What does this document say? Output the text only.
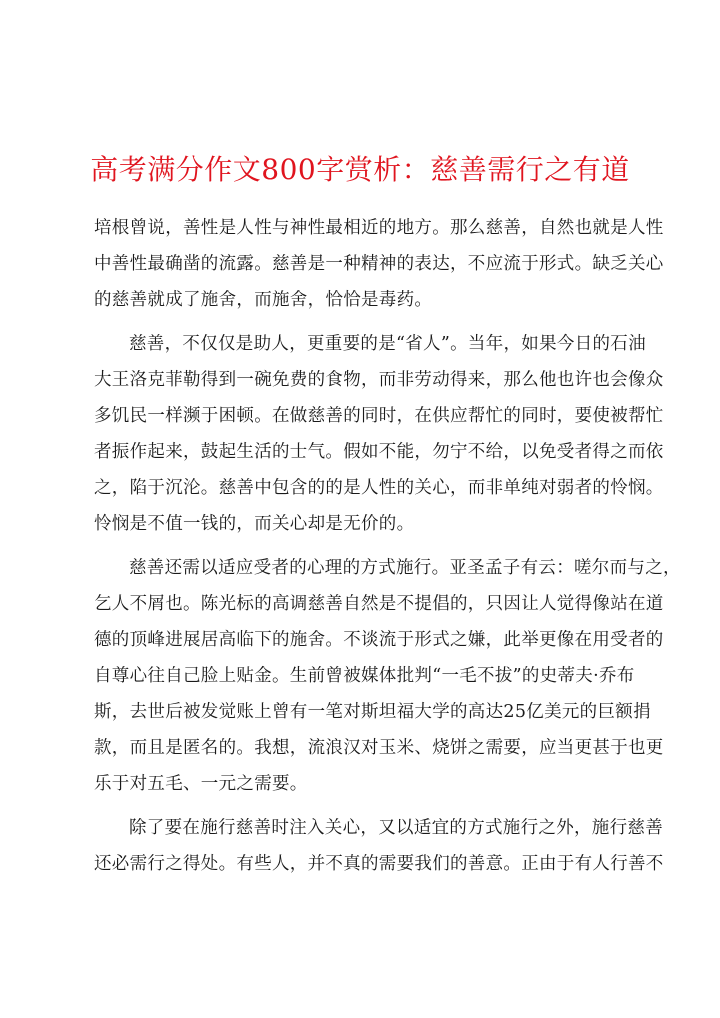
高考满分作文800字赏析：慈善需行之有道
培根曾说，善性是人性与神性最相近的地方。那么慈善，自然也就是人性
中善性最确凿的流露。慈善是一种精神的表达，不应流于形式。缺乏关心
的慈善就成了施舍，而施舍，恰恰是毒药。
慈善，不仅仅是助人，更重要的是“省人”。当年，如果今日的石油
大王洛克菲勒得到一碗免费的食物，而非劳动得来，那么他也许也会像众
多饥民一样濒于困顿。在做慈善的同时，在供应帮忙的同时，要使被帮忙
者振作起来，鼓起生活的士气。假如不能，勿宁不给，以免受者得之而依
之，陷于沉沦。慈善中包含的的是人性的关心，而非单纯对弱者的怜悯。
怜悯是不值一钱的，而关心却是无价的。
慈善还需以适应受者的心理的方式施行。亚圣孟子有云：嗟尔而与之，
乞人不屑也。陈光标的高调慈善自然是不提倡的，只因让人觉得像站在道
德的顶峰进展居高临下的施舍。不谈流于形式之嫌，此举更像在用受者的
自尊心往自己脸上贴金。生前曾被媒体批判“一毛不拔”的史蒂夫·乔布
斯，去世后被发觉账上曾有一笔对斯坦福大学的高达25亿美元的巨额捐
款，而且是匿名的。我想，流浪汉对玉米、烧饼之需要，应当更甚于也更
乐于对五毛、一元之需要。
除了要在施行慈善时注入关心，又以适宜的方式施行之外，施行慈善
还必需行之得处。有些人，并不真的需要我们的善意。正由于有人行善不
